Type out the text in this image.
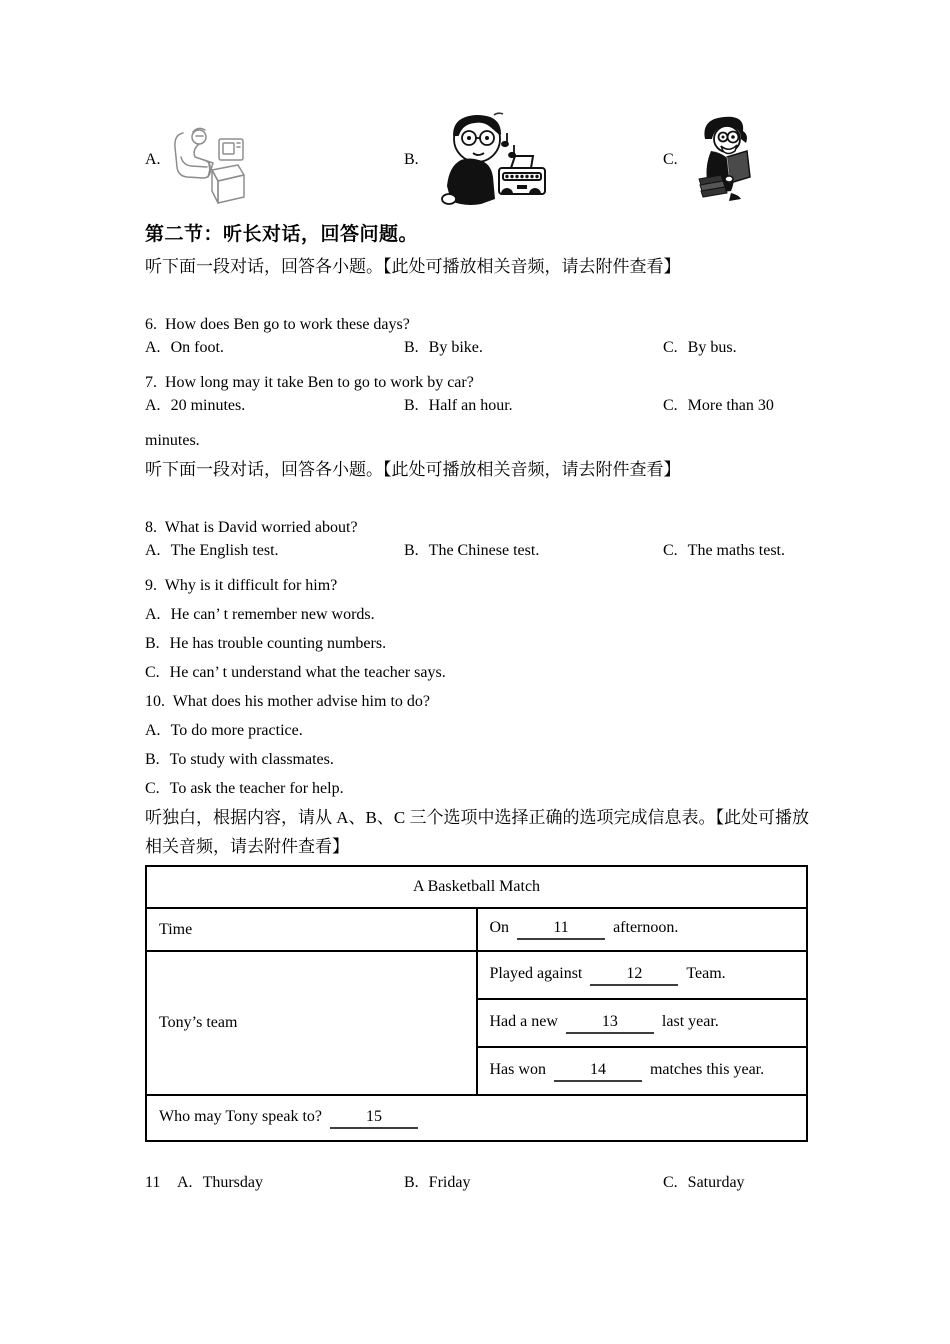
A.	B.	C.
第二节：听长对话，回答问题。
听下面一段对话，回答各小题。【此处可播放相关音频，请去附件查看】
6.  How does Ben go to work these days?
A. On foot.	B. By bike.	C. By bus.
7.  How long may it take Ben to go to work by car?
A. 20 minutes.	B. Half an hour.	C. More than 30
minutes.
听下面一段对话，回答各小题。【此处可播放相关音频，请去附件查看】
8.  What is David worried about?
A. The English test.	B. The Chinese test.	C. The maths test.
9.  Why is it difficult for him?
A. He can’ t remember new words.
B. He has trouble counting numbers.
C. He can’ t understand what the teacher says.
10.  What does his mother advise him to do?
A. To do more practice.
B. To study with classmates.
C. To ask the teacher for help.
听独白，根据内容，请从 A、B、C 三个选项中选择正确的选项完成信息表。【此处可播放
相关音频，请去附件查看】
A Basketball Match	
Time	On 11 afternoon.
Tony’s team	Played against 12 Team.
	Had a new 13 last year.
	Has won 14 matches this year.
Who may Tony speak to? 15	
11 A. Thursday	B. Friday	C. Saturday
